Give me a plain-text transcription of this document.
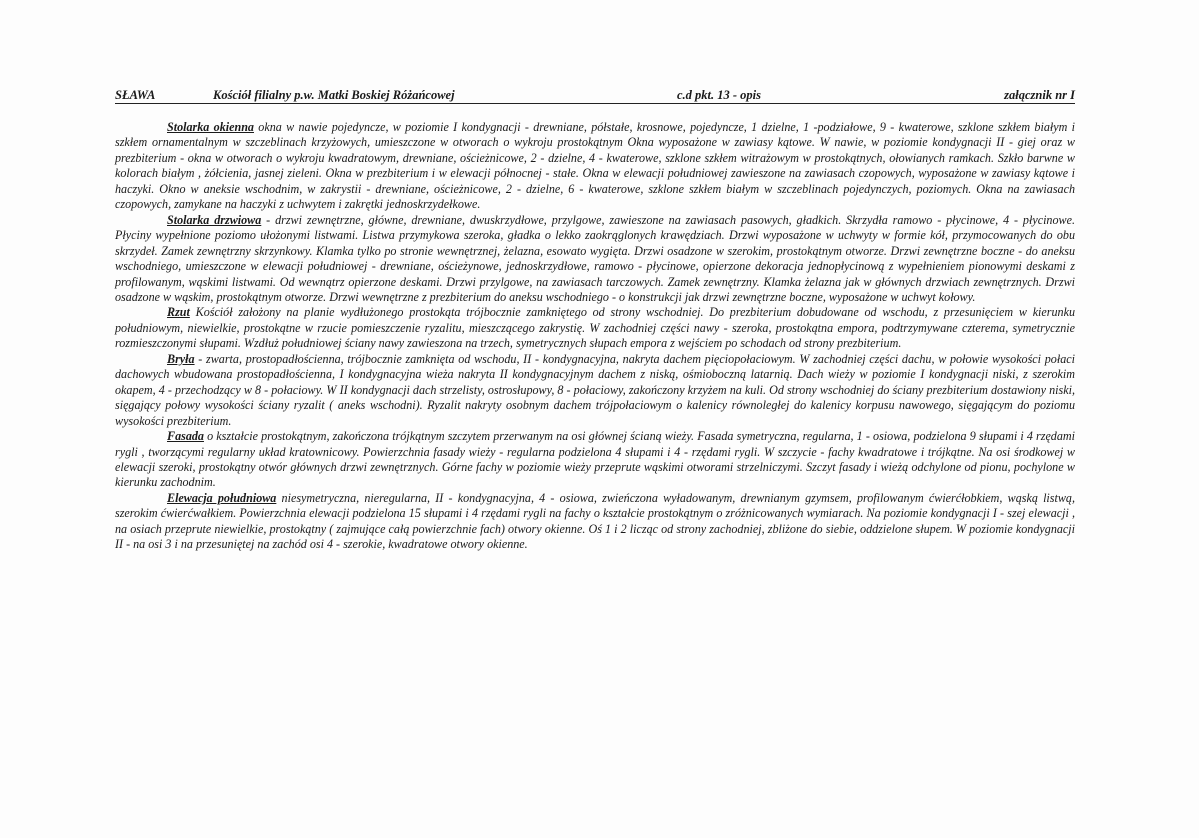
SŁAWA	Kościół filialny p.w. Matki Boskiej Różańcowej	c.d pkt. 13 - opis	załącznik nr I

Stolarka okienna okna w nawie pojedyncze, w poziomie I kondygnacji - drewniane, półstałe, krosnowe, pojedyncze, 1 dzielne, 1 -podziałowe, 9 - kwaterowe, szklone szkłem białym i szkłem ornamentalnym w szczeblinach krzyżowych, umieszczone w otworach o wykroju prostokątnym Okna wyposażone w zawiasy kątowe. W nawie, w poziomie kondygnacji II - giej oraz w prezbiterium - okna w otworach o wykroju kwadratowym, drewniane, ościeżnicowe, 2 - dzielne, 4 - kwaterowe, szklone szkłem witrażowym w prostokątnych, ołowianych ramkach. Szkło barwne w kolorach białym , żółcienia, jasnej zieleni. Okna w prezbiterium i w elewacji północnej - stałe. Okna w elewacji południowej zawieszone na zawiasach czopowych, wyposażone w zawiasy kątowe i haczyki. Okno w aneksie wschodnim, w zakrystii - drewniane, ościeżnicowe, 2 - dzielne, 6 - kwaterowe, szklone szkłem białym w szczeblinach pojedynczych, poziomych. Okna na zawiasach czopowych, zamykane na haczyki z uchwytem i zakrętki jednoskrzydełkowe.

Stolarka drzwiowa - drzwi zewnętrzne, główne, drewniane, dwuskrzydłowe, przylgowe, zawieszone na zawiasach pasowych, gładkich. Skrzydła ramowo - płycinowe, 4 - płycinowe. Płyciny wypełnione poziomo ułożonymi listwami. Listwa przymykowa szeroka, gładka o lekko zaokrąglonych krawędziach. Drzwi wyposażone w uchwyty w formie kół, przymocowanych do obu skrzydeł. Zamek zewnętrzny skrzynkowy. Klamka tylko po stronie wewnętrznej, żelazna, esowato wygięta. Drzwi osadzone w szerokim, prostokątnym otworze. Drzwi zewnętrzne boczne - do aneksu wschodniego, umieszczone w elewacji południowej - drewniane, ościeżynowe, jednoskrzydłowe, ramowo - płycinowe, opierzone dekoracja jednopłycinową z wypełnieniem pionowymi deskami z profilowanym, wąskimi listwami. Od wewnątrz opierzone deskami. Drzwi przylgowe, na zawiasach tarczowych. Zamek zewnętrzny. Klamka żelazna jak w głównych drzwiach zewnętrznych. Drzwi osadzone w wąskim, prostokątnym otworze. Drzwi wewnętrzne z prezbiterium do aneksu wschodniego - o konstrukcji jak drzwi zewnętrzne boczne, wyposażone w uchwyt kołowy.

Rzut Kościół założony na planie wydłużonego prostokąta trójbocznie zamkniętego od strony wschodniej. Do prezbiterium dobudowane od wschodu, z przesunięciem w kierunku południowym, niewielkie, prostokątne w rzucie pomieszczenie ryzalitu, mieszczącego zakrystię. W zachodniej części nawy - szeroka, prostokątna empora, podtrzymywane czterema, symetrycznie rozmieszczonymi słupami. Wzdłuż południowej ściany nawy zawieszona na trzech, symetrycznych słupach empora z wejściem po schodach od strony prezbiterium.

Bryła - zwarta, prostopadłościenna, trójbocznie zamknięta od wschodu, II - kondygnacyjna, nakryta dachem pięciopołaciowym. W zachodniej części dachu, w połowie wysokości połaci dachowych wbudowana prostopadłościenna, I kondygnacyjna wieża nakryta II kondygnacyjnym dachem z niską, ośmioboczną latarnią. Dach wieży w poziomie I kondygnacji niski, z szerokim okapem, 4 - przechodzący w 8 - połaciowy. W II kondygnacji dach strzelisty, ostrosłupowy, 8 - połaciowy, zakończony krzyżem na kuli. Od strony wschodniej do ściany prezbiterium dostawiony niski, sięgający połowy wysokości ściany ryzalit ( aneks wschodni). Ryzalit nakryty osobnym dachem trójpołaciowym o kalenicy równoległej do kalenicy korpusu nawowego, sięgającym do poziomu wysokości prezbiterium.

Fasada o kształcie prostokątnym, zakończona trójkątnym szczytem przerwanym na osi głównej ścianą wieży. Fasada symetryczna, regularna, 1 - osiowa, podzielona 9 słupami i 4 rzędami rygli , tworzącymi regularny układ kratownicowy. Powierzchnia fasady wieży - regularna podzielona 4 słupami i 4 - rzędami rygli. W szczycie - fachy kwadratowe i trójkątne. Na osi środkowej w elewacji szeroki, prostokątny otwór głównych drzwi zewnętrznych. Górne fachy w poziomie wieży przeprute wąskimi otworami strzelniczymi. Szczyt fasady i wieżą odchylone od pionu, pochylone w kierunku zachodnim.

Elewacja południowa niesymetryczna, nieregularna, II - kondygnacyjna, 4 - osiowa, zwieńczona wyładowanym, drewnianym gzymsem, profilowanym ćwierćłobkiem, wąską listwą, szerokim ćwierćwałkiem. Powierzchnia elewacji podzielona 15 słupami i 4 rzędami rygli na fachy o kształcie prostokątnym o zróżnicowanych wymiarach. Na poziomie kondygnacji I - szej elewacji , na osiach przeprute niewielkie, prostokątny ( zajmujące całą powierzchnie fach) otwory okienne. Oś 1 i 2 licząc od strony zachodniej, zbliżone do siebie, oddzielone słupem. W poziomie kondygnacji II - na osi 3 i na przesuniętej na zachód osi 4 - szerokie, kwadratowe otwory okienne.
